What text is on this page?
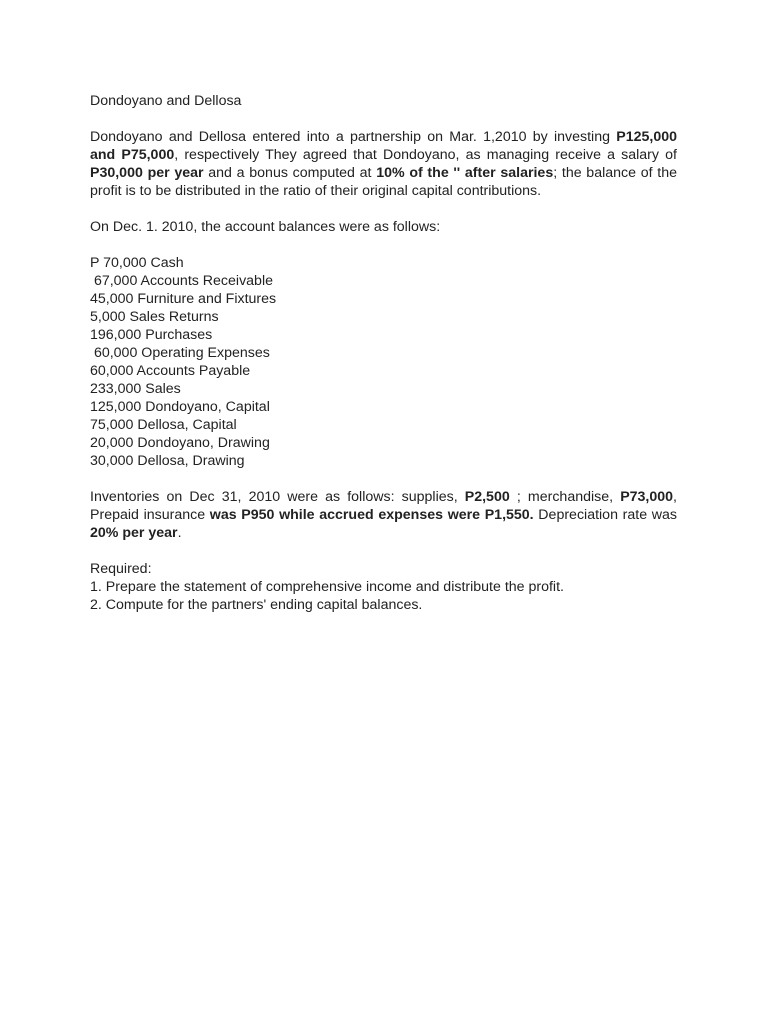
Dondoyano and Dellosa

Dondoyano and Dellosa entered into a partnership on Mar. 1,2010 by investing P125,000 and P75,000, respectively They agreed that Dondoyano, as managing receive a salary of P30,000 per year and a bonus computed at 10% of the '' after salaries; the balance of the profit is to be distributed in the ratio of their original capital contributions.

On Dec. 1. 2010, the account balances were as follows:

P 70,000 Cash
67,000 Accounts Receivable
45,000 Furniture and Fixtures
5,000 Sales Returns
196,000 Purchases
60,000 Operating Expenses
60,000 Accounts Payable
233,000 Sales
125,000 Dondoyano, Capital
75,000 Dellosa, Capital
20,000 Dondoyano, Drawing
30,000 Dellosa, Drawing

Inventories on Dec 31, 2010 were as follows: supplies, P2,500 ; merchandise, P73,000, Prepaid insurance was P950 while accrued expenses were P1,550. Depreciation rate was 20% per year.

Required:

1. Prepare the statement of comprehensive income and distribute the profit.
2. Compute for the partners' ending capital balances.
